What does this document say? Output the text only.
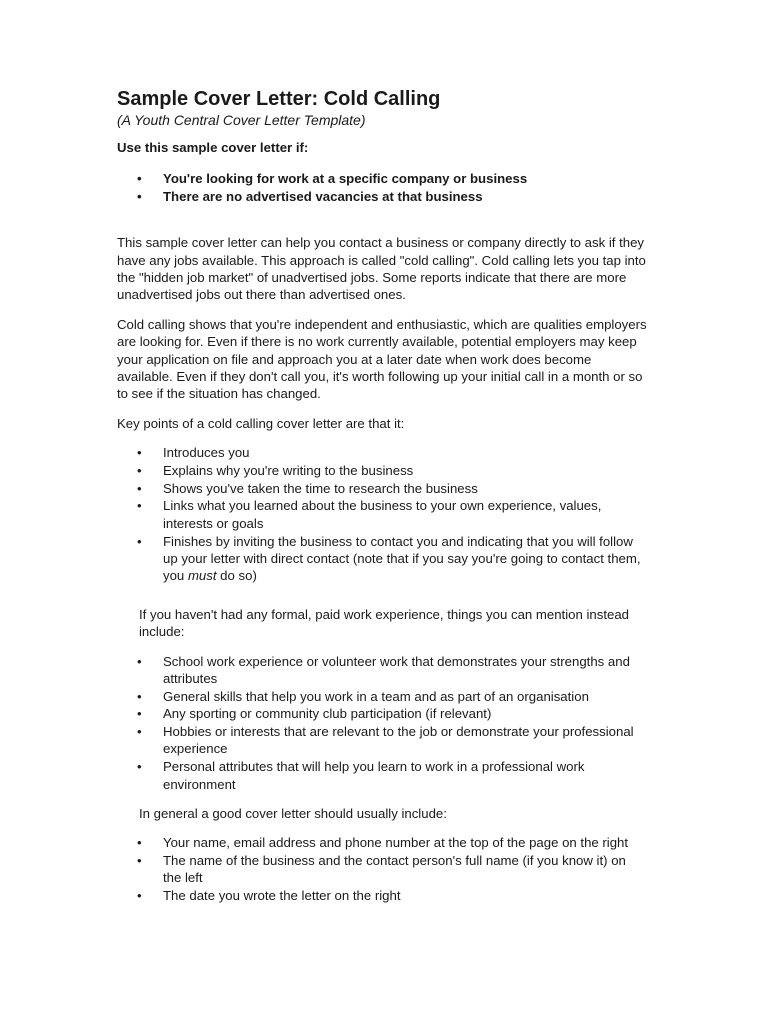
Sample Cover Letter: Cold Calling

(A Youth Central Cover Letter Template)

Use this sample cover letter if:

• You're looking for work at a specific company or business
• There are no advertised vacancies at that business

This sample cover letter can help you contact a business or company directly to ask if they have any jobs available. This approach is called "cold calling". Cold calling lets you tap into the "hidden job market" of unadvertised jobs. Some reports indicate that there are more unadvertised jobs out there than advertised ones.

Cold calling shows that you're independent and enthusiastic, which are qualities employers are looking for. Even if there is no work currently available, potential employers may keep your application on file and approach you at a later date when work does become available. Even if they don't call you, it's worth following up your initial call in a month or so to see if the situation has changed.

Key points of a cold calling cover letter are that it:

• Introduces you
• Explains why you're writing to the business
• Shows you've taken the time to research the business
• Links what you learned about the business to your own experience, values, interests or goals
• Finishes by inviting the business to contact you and indicating that you will follow up your letter with direct contact (note that if you say you're going to contact them, you must do so)

If you haven't had any formal, paid work experience, things you can mention instead include:

• School work experience or volunteer work that demonstrates your strengths and attributes
• General skills that help you work in a team and as part of an organisation
• Any sporting or community club participation (if relevant)
• Hobbies or interests that are relevant to the job or demonstrate your professional experience
• Personal attributes that will help you learn to work in a professional work environment

In general a good cover letter should usually include:

• Your name, email address and phone number at the top of the page on the right
• The name of the business and the contact person's full name (if you know it) on the left
• The date you wrote the letter on the right
